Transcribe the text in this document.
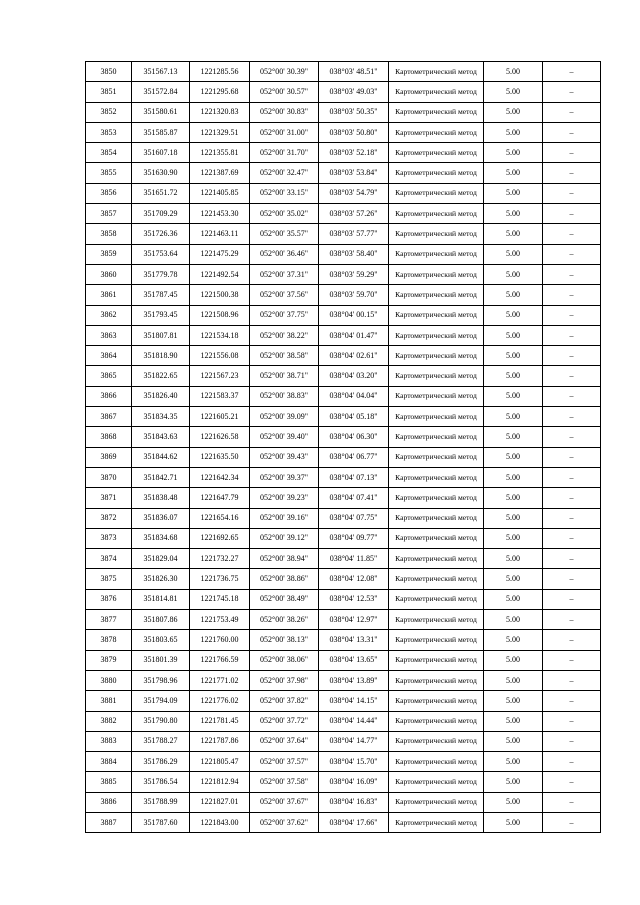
3850	351567.13	1221285.56	052°00' 30.39"	038°03' 48.51"	Картометрический метод	5.00	–
3851	351572.84	1221295.68	052°00' 30.57"	038°03' 49.03"	Картометрический метод	5.00	–
3852	351580.61	1221320.83	052°00' 30.83"	038°03' 50.35"	Картометрический метод	5.00	–
3853	351585.87	1221329.51	052°00' 31.00"	038°03' 50.80"	Картометрический метод	5.00	–
3854	351607.18	1221355.81	052°00' 31.70"	038°03' 52.18"	Картометрический метод	5.00	–
3855	351630.90	1221387.69	052°00' 32.47"	038°03' 53.84"	Картометрический метод	5.00	–
3856	351651.72	1221405.85	052°00' 33.15"	038°03' 54.79"	Картометрический метод	5.00	–
3857	351709.29	1221453.30	052°00' 35.02"	038°03' 57.26"	Картометрический метод	5.00	–
3858	351726.36	1221463.11	052°00' 35.57"	038°03' 57.77"	Картометрический метод	5.00	–
3859	351753.64	1221475.29	052°00' 36.46"	038°03' 58.40"	Картометрический метод	5.00	–
3860	351779.78	1221492.54	052°00' 37.31"	038°03' 59.29"	Картометрический метод	5.00	–
3861	351787.45	1221500.38	052°00' 37.56"	038°03' 59.70"	Картометрический метод	5.00	–
3862	351793.45	1221508.96	052°00' 37.75"	038°04' 00.15"	Картометрический метод	5.00	–
3863	351807.81	1221534.18	052°00' 38.22"	038°04' 01.47"	Картометрический метод	5.00	–
3864	351818.90	1221556.08	052°00' 38.58"	038°04' 02.61"	Картометрический метод	5.00	–
3865	351822.65	1221567.23	052°00' 38.71"	038°04' 03.20"	Картометрический метод	5.00	–
3866	351826.40	1221583.37	052°00' 38.83"	038°04' 04.04"	Картометрический метод	5.00	–
3867	351834.35	1221605.21	052°00' 39.09"	038°04' 05.18"	Картометрический метод	5.00	–
3868	351843.63	1221626.58	052°00' 39.40"	038°04' 06.30"	Картометрический метод	5.00	–
3869	351844.62	1221635.50	052°00' 39.43"	038°04' 06.77"	Картометрический метод	5.00	–
3870	351842.71	1221642.34	052°00' 39.37"	038°04' 07.13"	Картометрический метод	5.00	–
3871	351838.48	1221647.79	052°00' 39.23"	038°04' 07.41"	Картометрический метод	5.00	–
3872	351836.07	1221654.16	052°00' 39.16"	038°04' 07.75"	Картометрический метод	5.00	–
3873	351834.68	1221692.65	052°00' 39.12"	038°04' 09.77"	Картометрический метод	5.00	–
3874	351829.04	1221732.27	052°00' 38.94"	038°04' 11.85"	Картометрический метод	5.00	–
3875	351826.30	1221736.75	052°00' 38.86"	038°04' 12.08"	Картометрический метод	5.00	–
3876	351814.81	1221745.18	052°00' 38.49"	038°04' 12.53"	Картометрический метод	5.00	–
3877	351807.86	1221753.49	052°00' 38.26"	038°04' 12.97"	Картометрический метод	5.00	–
3878	351803.65	1221760.00	052°00' 38.13"	038°04' 13.31"	Картометрический метод	5.00	–
3879	351801.39	1221766.59	052°00' 38.06"	038°04' 13.65"	Картометрический метод	5.00	–
3880	351798.96	1221771.02	052°00' 37.98"	038°04' 13.89"	Картометрический метод	5.00	–
3881	351794.09	1221776.02	052°00' 37.82"	038°04' 14.15"	Картометрический метод	5.00	–
3882	351790.80	1221781.45	052°00' 37.72"	038°04' 14.44"	Картометрический метод	5.00	–
3883	351788.27	1221787.86	052°00' 37.64"	038°04' 14.77"	Картометрический метод	5.00	–
3884	351786.29	1221805.47	052°00' 37.57"	038°04' 15.70"	Картометрический метод	5.00	–
3885	351786.54	1221812.94	052°00' 37.58"	038°04' 16.09"	Картометрический метод	5.00	–
3886	351788.99	1221827.01	052°00' 37.67"	038°04' 16.83"	Картометрический метод	5.00	–
3887	351787.60	1221843.00	052°00' 37.62"	038°04' 17.66"	Картометрический метод	5.00	–
